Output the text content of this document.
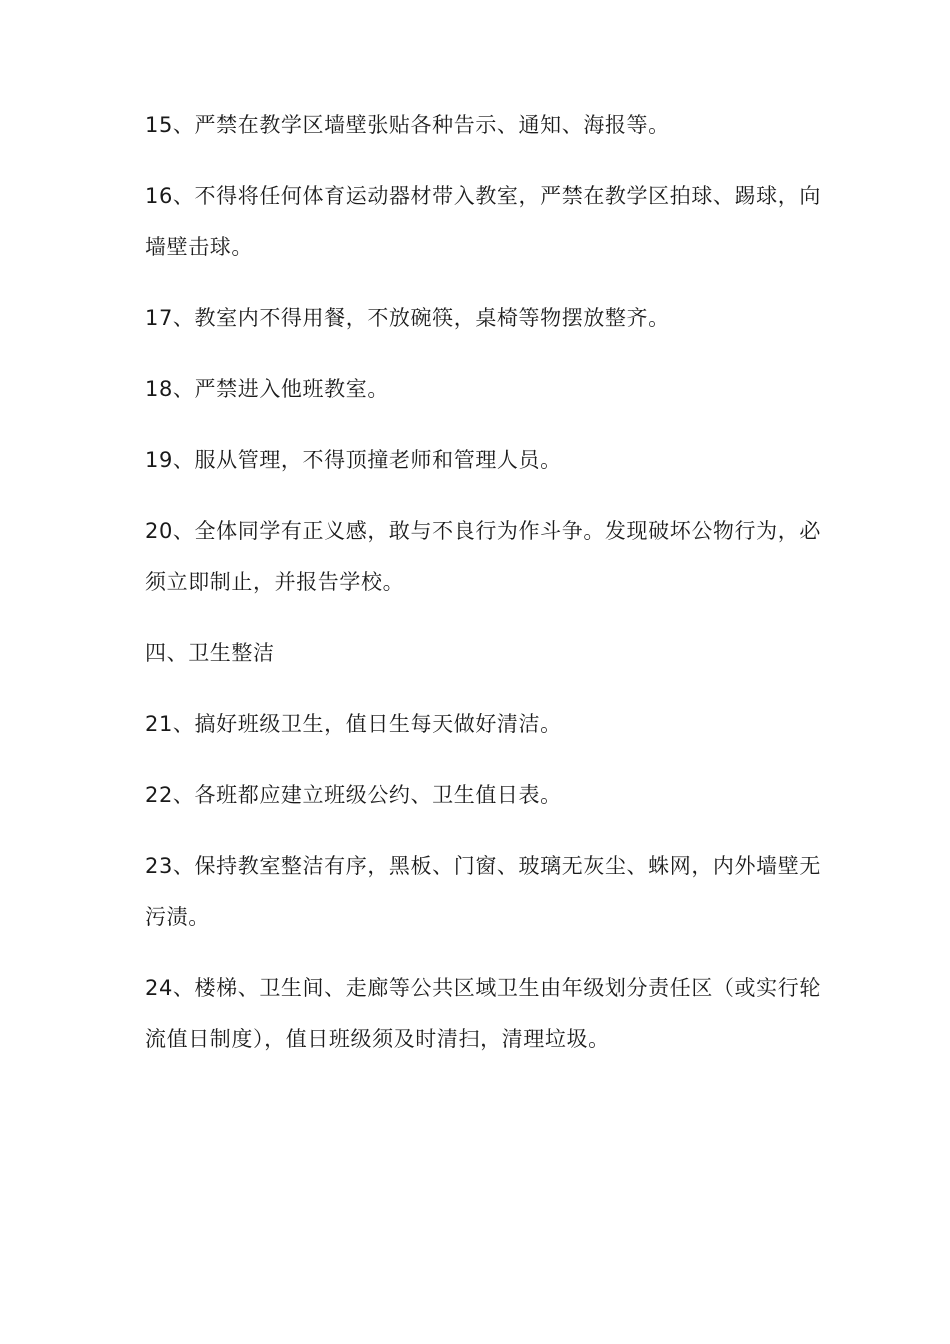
15、严禁在教学区墙壁张贴各种告示、通知、海报等。

16、不得将任何体育运动器材带入教室，严禁在教学区拍球、踢球，向墙壁击球。

17、教室内不得用餐，不放碗筷，桌椅等物摆放整齐。

18、严禁进入他班教室。

19、服从管理，不得顶撞老师和管理人员。

20、全体同学有正义感，敢与不良行为作斗争。发现破坏公物行为，必须立即制止，并报告学校。

四、卫生整洁

21、搞好班级卫生，值日生每天做好清洁。

22、各班都应建立班级公约、卫生值日表。

23、保持教室整洁有序，黑板、门窗、玻璃无灰尘、蛛网，内外墙壁无污渍。

24、楼梯、卫生间、走廊等公共区域卫生由年级划分责任区（或实行轮流值日制度），值日班级须及时清扫，清理垃圾。
